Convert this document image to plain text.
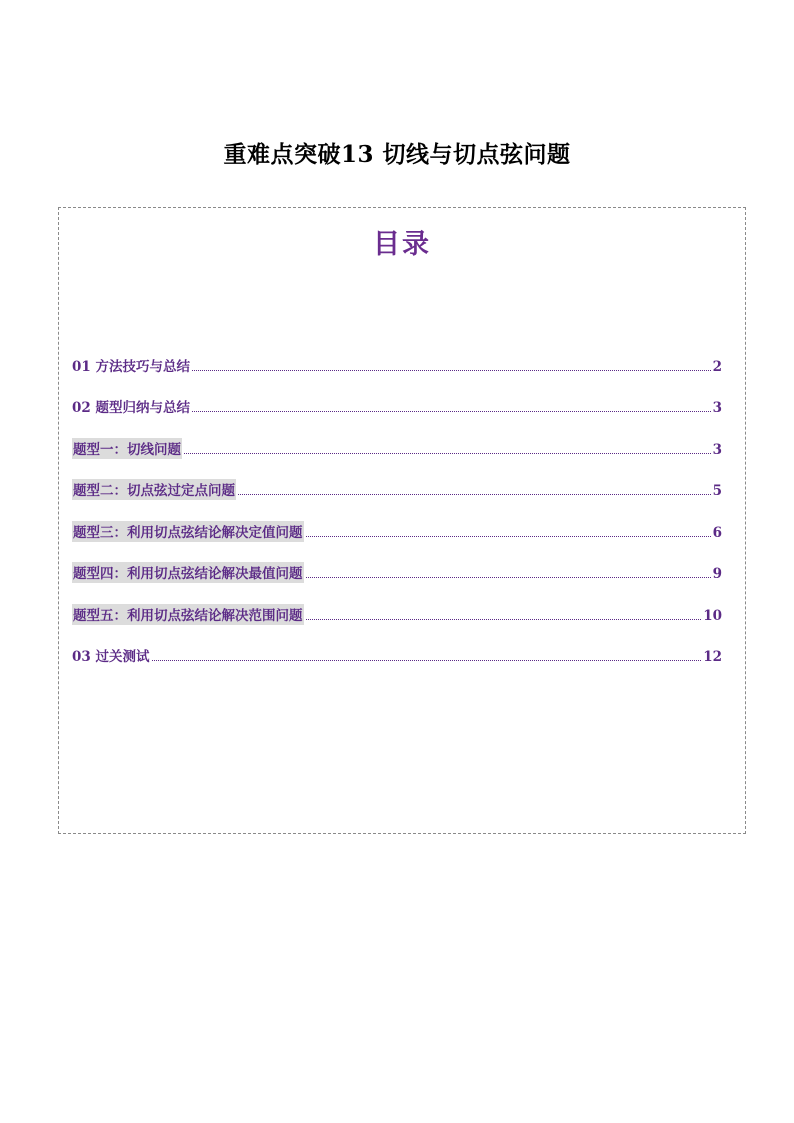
重难点突破13 切线与切点弦问题
目录
01 方法技巧与总结	2
02 题型归纳与总结	3
题型一：切线问题	3
题型二：切点弦过定点问题	5
题型三：利用切点弦结论解决定值问题	6
题型四：利用切点弦结论解决最值问题	9
题型五：利用切点弦结论解决范围问题	10
03 过关测试	12
